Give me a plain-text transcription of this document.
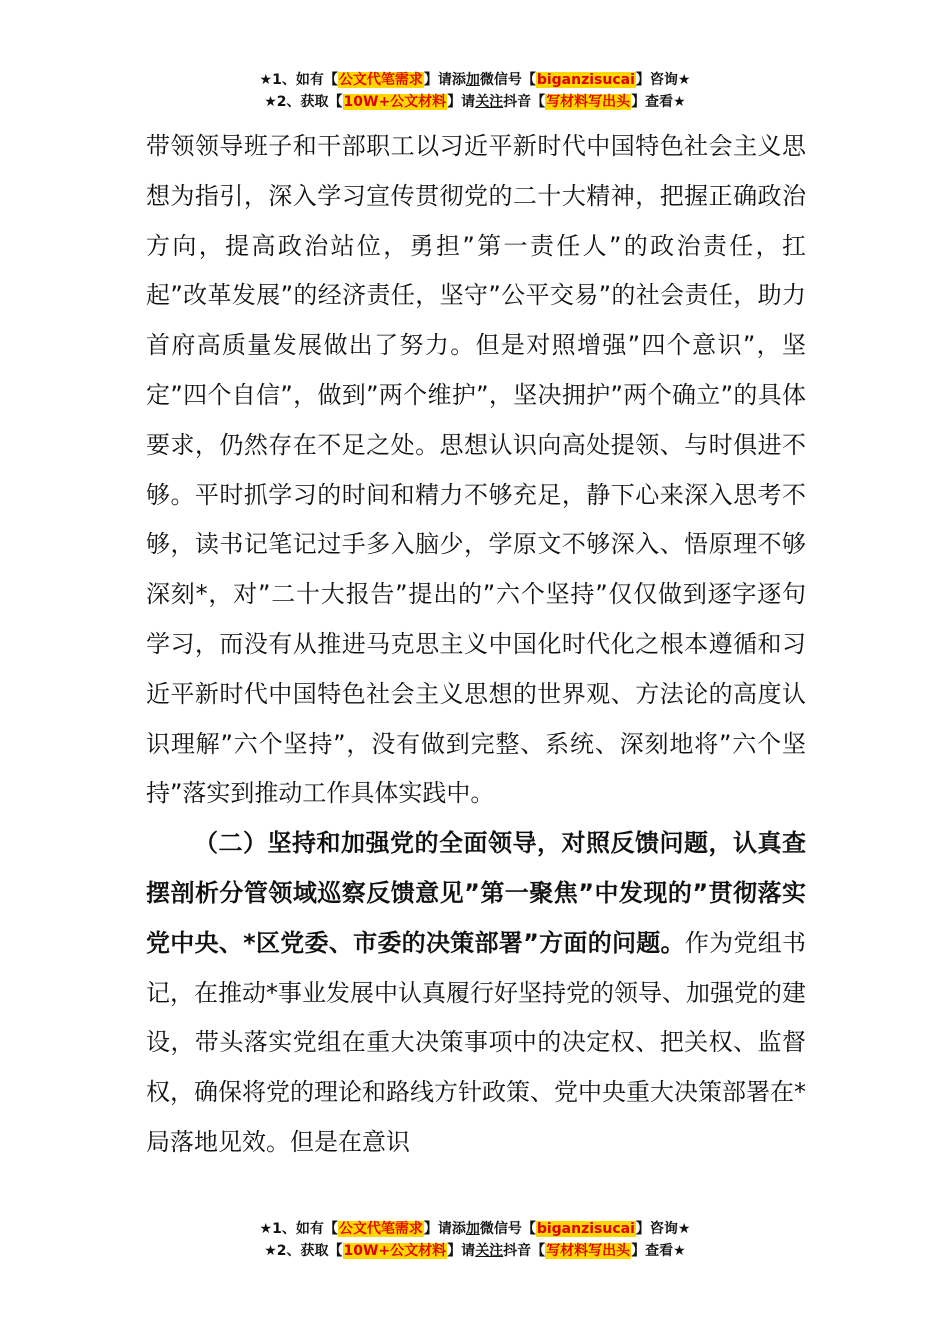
★1、如有【公文代笔需求】请添加微信号【biganzisucai】咨询★
★2、获取【10W+公文材料】请关注抖音【写材料写出头】查看★

带领领导班子和干部职工以习近平新时代中国特色社会主义思想为指引，深入学习宣传贯彻党的二十大精神，把握正确政治方向，提高政治站位，勇担”第一责任人”的政治责任，扛起”改革发展”的经济责任，坚守”公平交易”的社会责任，助力首府高质量发展做出了努力。但是对照增强”四个意识”，坚定”四个自信”，做到”两个维护”，坚决拥护”两个确立”的具体要求，仍然存在不足之处。思想认识向高处提领、与时俱进不够。平时抓学习的时间和精力不够充足，静下心来深入思考不够，读书记笔记过手多入脑少，学原文不够深入、悟原理不够深刻*，对”二十大报告”提出的”六个坚持”仅仅做到逐字逐句学习，而没有从推进马克思主义中国化时代化之根本遵循和习近平新时代中国特色社会主义思想的世界观、方法论的高度认识理解”六个坚持”，没有做到完整、系统、深刻地将”六个坚持”落实到推动工作具体实践中。

（二）坚持和加强党的全面领导，对照反馈问题，认真查摆剖析分管领域巡察反馈意见”第一聚焦”中发现的”贯彻落实党中央、*区党委、市委的决策部署”方面的问题。作为党组书记，在推动*事业发展中认真履行好坚持党的领导、加强党的建设，带头落实党组在重大决策事项中的决定权、把关权、监督权，确保将党的理论和路线方针政策、党中央重大决策部署在*局落地见效。但是在意识

★1、如有【公文代笔需求】请添加微信号【biganzisucai】咨询★
★2、获取【10W+公文材料】请关注抖音【写材料写出头】查看★
